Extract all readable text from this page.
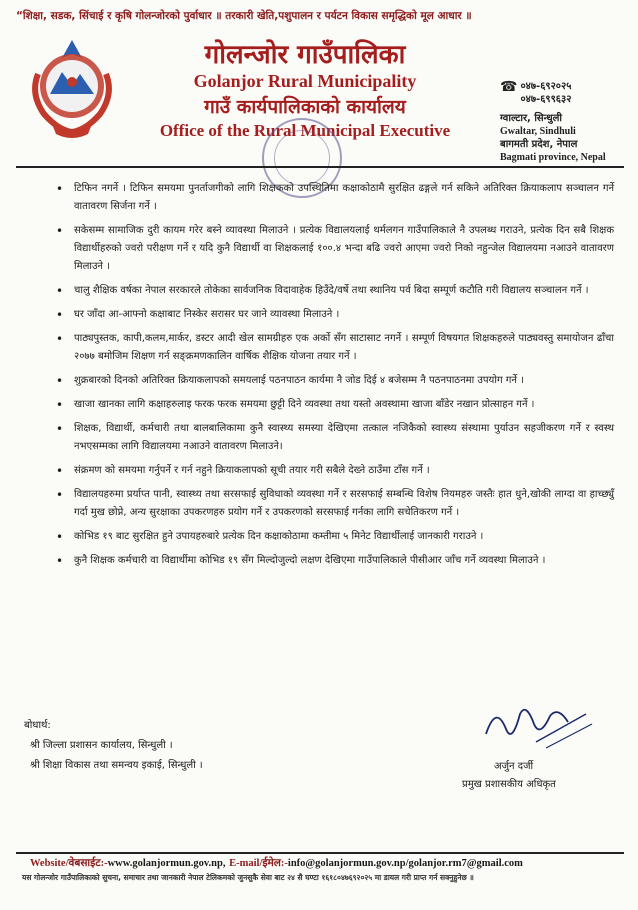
“शिक्षा, सडक, सिंचाई र कृषि गोलन्जोरको पुर्वाधार ॥ तरकारी खेति,पशुपालन र पर्यटन विकास समृद्धिको मूल आधार ॥
गोलन्जोर गाउँपालिका
Golanjor Rural Municipality
गाउँ कार्यपालिकाको कार्यालय
Office of the Rural Municipal Executive
☎ ०४७-६९२०२५
०४७-६९९६३२
ग्वाल्टार, सिन्धुली
Gwaltar, Sindhuli
बागमती प्रदेश, नेपाल
Bagmati province, Nepal
• टिफिन नगर्ने । टिफिन समयमा पुनर्ताजगीको लागि शिक्षकको उपस्थितिमा कक्षाकोठामै सुरक्षित ढङ्गले गर्न सकिने अतिरिक्त क्रियाकलाप सञ्चालन गर्ने वातावरण सिर्जना गर्ने ।
• सकेसम्म सामाजिक दुरी कायम गरेर बस्ने व्यावस्था मिलाउने । प्रत्येक विद्यालयलाई थर्मलगन गाउँपालिकाले नै उपलब्ध गराउने, प्रत्येक दिन सबै शिक्षक विद्यार्थीहरुको ज्वरो परीक्षण गर्ने र यदि कुनै विद्यार्थी वा शिक्षकलाई १००.४ भन्दा बढि ज्वरो आएमा ज्वरो निको नहुन्जेल विद्यालयमा नआउने वातावरण मिलाउने ।
• चालु शैक्षिक वर्षका नेपाल सरकारले तोकेका सार्वजनिक विदावाहेक हिउँदे/वर्षे तथा स्थानिय पर्व बिदा सम्पूर्ण कटौति गरी विद्यालय सञ्चालन गर्ने ।
• घर जाँदा आ-आफ्नो कक्षाबाट निस्केर सरासर घर जाने व्यावस्था मिलाउने ।
• पाठ्यपुस्तक, कापी,कलम,मार्कर, डस्टर आदी खेल सामग्रीहरु एक अर्को सँग साटासाट नगर्ने । सम्पूर्ण विषयगत शिक्षकहरुले पाठ्यवस्तु समायोजन ढाँचा २०७७ बमोजिम शिक्षण गर्न सङ्क्रमणकालिन वार्षिक शैक्षिक योजना तयार गर्ने ।
• शुक्रबारको दिनको अतिरिक्त क्रियाकलापको समयलाई पठनपाठन कार्यमा नै जोड दिई ४ बजेसम्म नै पठनपाठनमा उपयोग गर्ने ।
• खाजा खानका लागि कक्षाहरुलाइ फरक फरक समयमा छुट्टी दिने व्यवस्था तथा यस्तो अवस्थामा खाजा बाँडेर नखान प्रोत्साहन गर्ने ।
• शिक्षक, विद्यार्थी, कर्मचारी तथा बालबालिकामा कुनै स्वास्थ्य समस्या देखिएमा तत्काल नजिकैको स्वास्थ्य संस्थामा पुर्याउन सहजीकरण गर्ने र स्वस्थ नभएसम्मका लागि विद्यालयमा नआउने वातावरण मिलाउने।
• संक्रमण को समयमा गर्नुपर्ने र गर्न नहुने क्रियाकलापको सूची तयार गरी सबैले देख्ने ठाउँमा टाँस गर्ने ।
• विद्यालयहरुमा प्रर्याप्त पानी, स्वास्थ्य तथा सरसफाई सुविधाको व्यवस्था गर्ने र सरसफाई सम्बन्धि विशेष नियमहरु जस्तैः हात धुने,खोकी लाग्दा वा हाच्छ्युँ गर्दा मुख छोप्ने, अन्य सुरक्षाका उपकरणहरु प्रयोग गर्ने र उपकरणको सरसफाई गर्नका लागि सचेतिकरण गर्ने ।
• कोभिड १९ बाट सुरक्षित हुने उपायहरुबारे प्रत्येक दिन कक्षाकोठामा कम्तीमा ५ मिनेट विद्यार्थीलाई जानकारी गराउने ।
• कुनै शिक्षक कर्मचारी वा विद्यार्थीमा कोभिड १९ सँग मिल्दोजुल्दो लक्षण देखिएमा गाउँपालिकाले पीसीआर जाँच गर्ने व्यवस्था मिलाउने ।
बोधार्थ:
श्री जिल्ला प्रशासन कार्यालय, सिन्धुली ।
श्री शिक्षा विकास तथा समन्वय इकाई, सिन्धुली ।	अर्जुन दर्जी
प्रमुख प्रशासकीय अधिकृत
Website/वेबसाईट:-www.golanjormun.gov.np, E-mail/ईमेल:-info@golanjormun.gov.np/golanjor.rm7@gmail.com
यस गोलन्जोर गाउँपालिकाको सुचना, समाचार तथा जानकारी नेपाल टेलिकमको जुनसुकै सेवा बाट २४ सै घण्टा १६१८०४७६९२०२५ मा डायल गरी प्राप्त गर्न सक्नुहुनेछ ॥
